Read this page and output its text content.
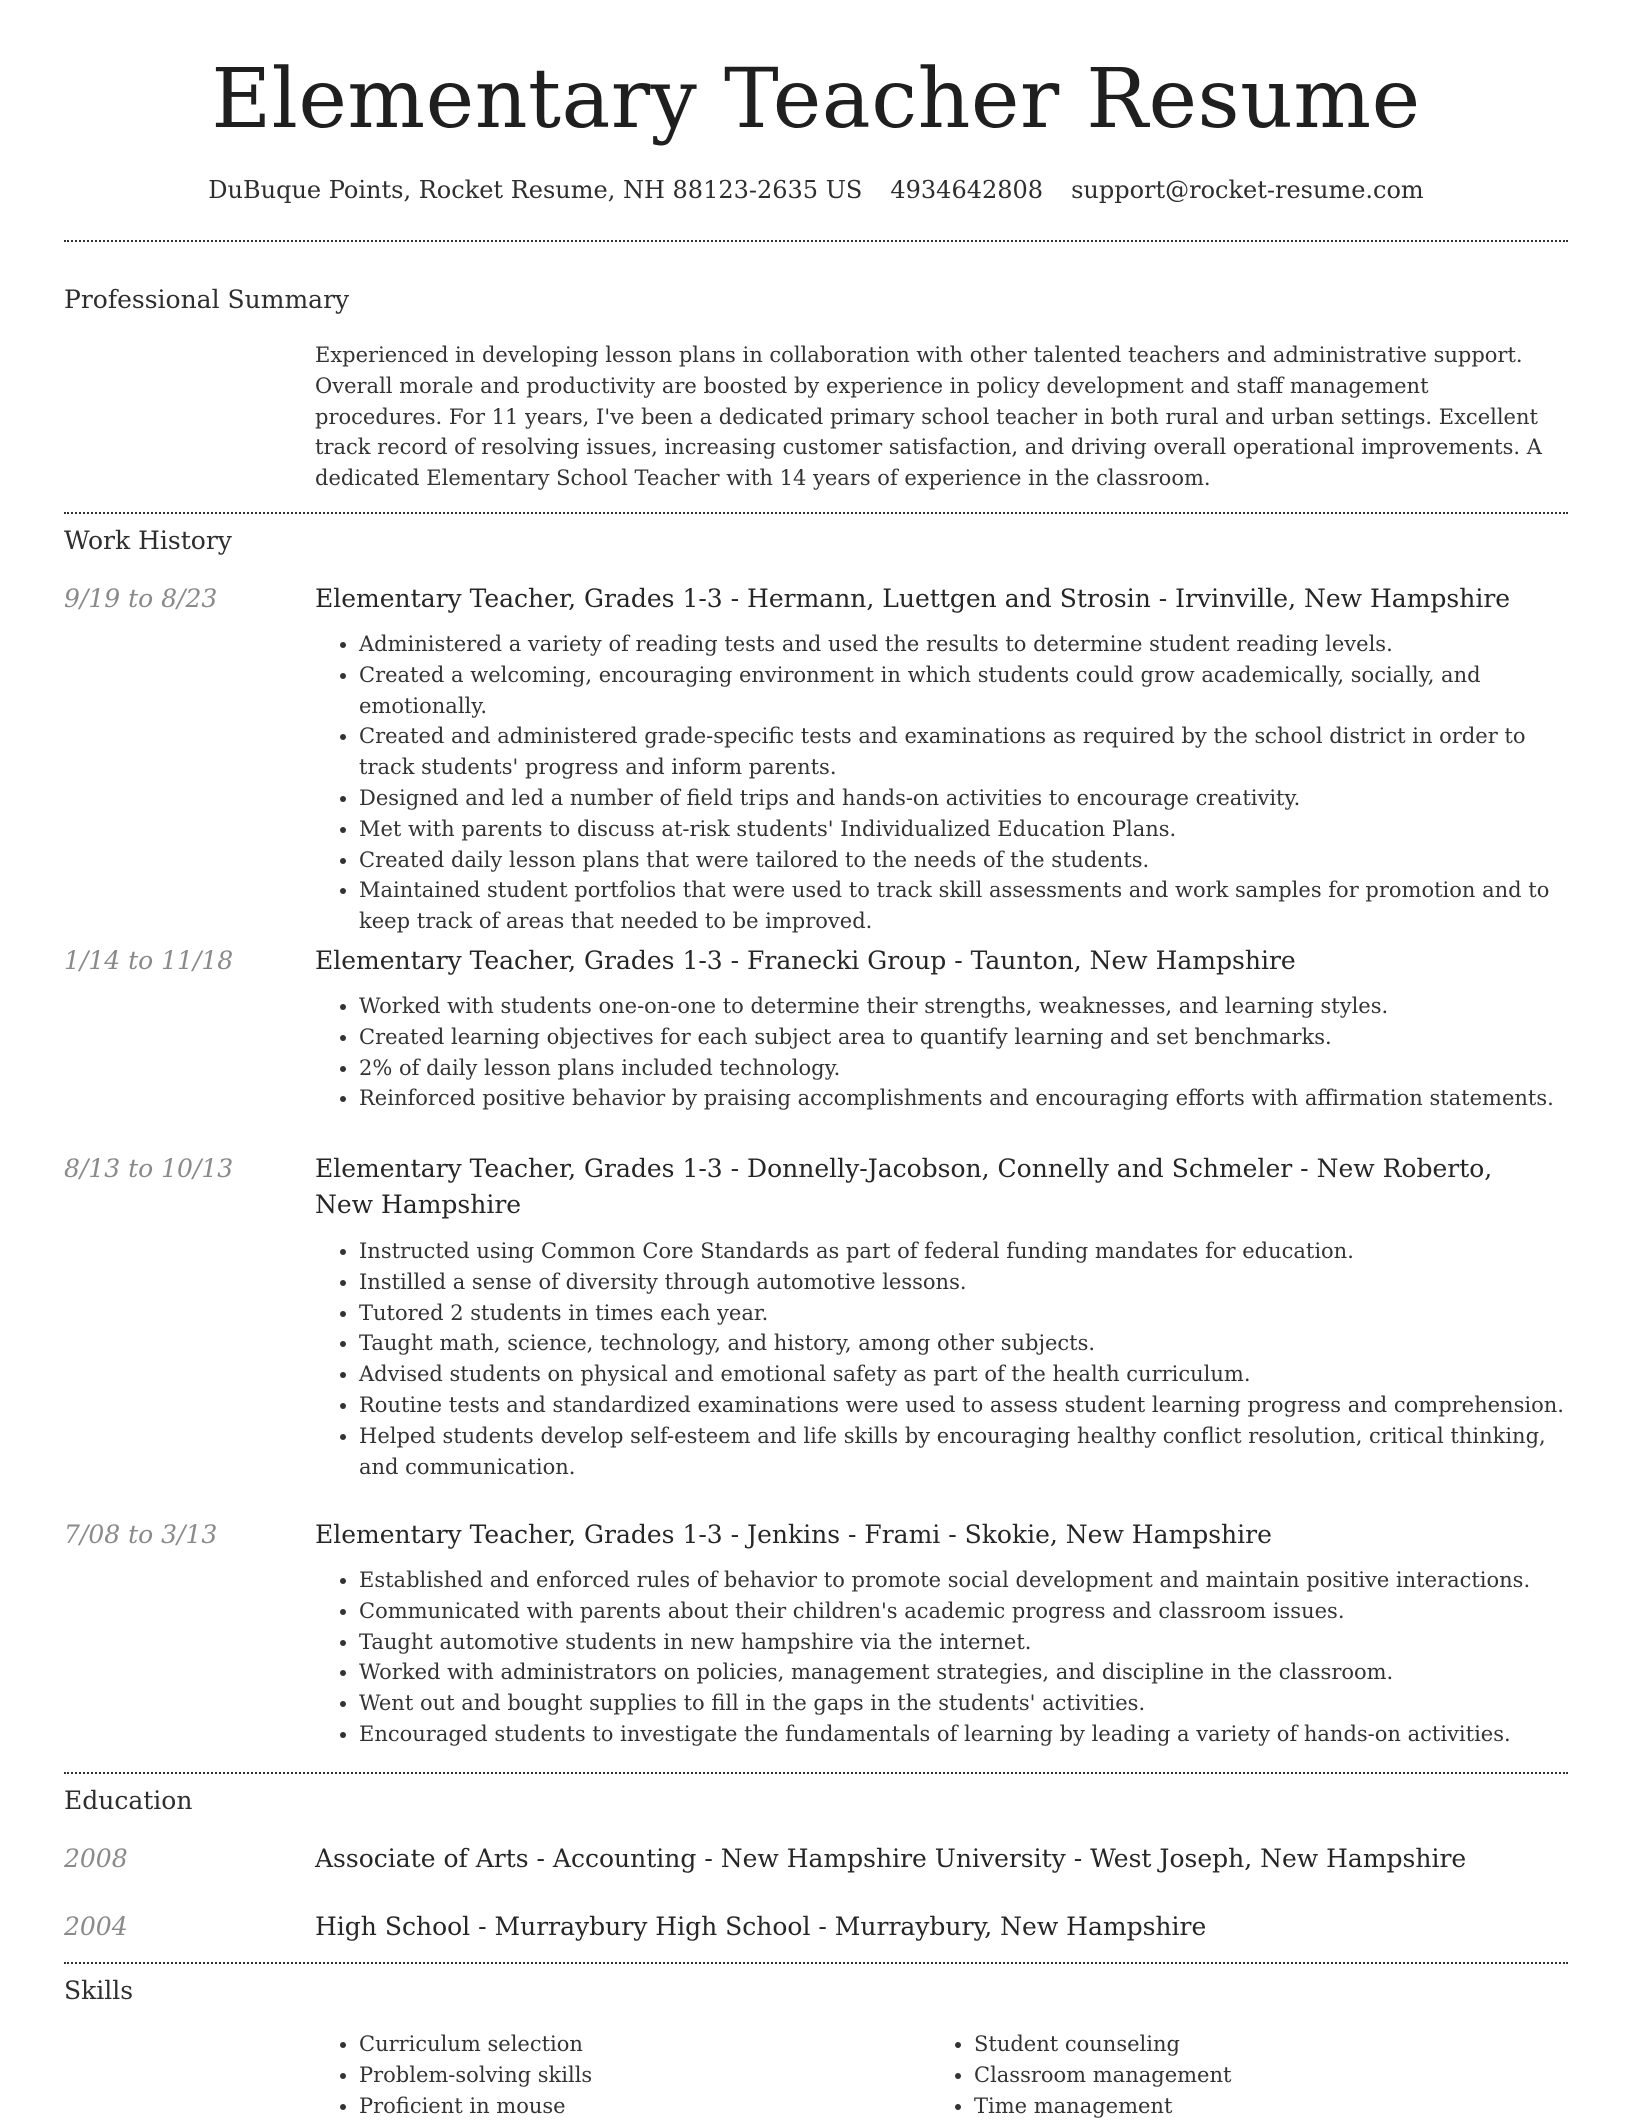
Elementary Teacher Resume
DuBuque Points, Rocket Resume, NH 88123-2635 US 4934642808 support@rocket-resume.com
Professional Summary

Experienced in developing lesson plans in collaboration with other talented teachers and administrative support. Overall morale and productivity are boosted by experience in policy development and staff management procedures. For 11 years, I've been a dedicated primary school teacher in both rural and urban settings. Excellent track record of resolving issues, increasing customer satisfaction, and driving overall operational improvements. A dedicated Elementary School Teacher with 14 years of experience in the classroom.

Work History
9/19 to 8/23	Elementary Teacher, Grades 1-3 - Hermann, Luettgen and Strosin - Irvinville, New Hampshire
• Administered a variety of reading tests and used the results to determine student reading levels.
• Created a welcoming, encouraging environment in which students could grow academically, socially, and emotionally.
• Created and administered grade-specific tests and examinations as required by the school district in order to track students' progress and inform parents.
• Designed and led a number of field trips and hands-on activities to encourage creativity.
• Met with parents to discuss at-risk students' Individualized Education Plans.
• Created daily lesson plans that were tailored to the needs of the students.
• Maintained student portfolios that were used to track skill assessments and work samples for promotion and to keep track of areas that needed to be improved.
1/14 to 11/18	Elementary Teacher, Grades 1-3 - Franecki Group - Taunton, New Hampshire
• Worked with students one-on-one to determine their strengths, weaknesses, and learning styles.
• Created learning objectives for each subject area to quantify learning and set benchmarks.
• 2% of daily lesson plans included technology.
• Reinforced positive behavior by praising accomplishments and encouraging efforts with affirmation statements.
8/13 to 10/13	Elementary Teacher, Grades 1-3 - Donnelly-Jacobson, Connelly and Schmeler - New Roberto, New Hampshire
• Instructed using Common Core Standards as part of federal funding mandates for education.
• Instilled a sense of diversity through automotive lessons.
• Tutored 2 students in times each year.
• Taught math, science, technology, and history, among other subjects.
• Advised students on physical and emotional safety as part of the health curriculum.
• Routine tests and standardized examinations were used to assess student learning progress and comprehension.
• Helped students develop self-esteem and life skills by encouraging healthy conflict resolution, critical thinking, and communication.
7/08 to 3/13	Elementary Teacher, Grades 1-3 - Jenkins - Frami - Skokie, New Hampshire
• Established and enforced rules of behavior to promote social development and maintain positive interactions.
• Communicated with parents about their children's academic progress and classroom issues.
• Taught automotive students in new hampshire via the internet.
• Worked with administrators on policies, management strategies, and discipline in the classroom.
• Went out and bought supplies to fill in the gaps in the students' activities.
• Encouraged students to investigate the fundamentals of learning by leading a variety of hands-on activities.
Education
2008	Associate of Arts - Accounting - New Hampshire University - West Joseph, New Hampshire
2004	High School - Murraybury High School - Murraybury, New Hampshire
Skills
• Curriculum selection
• Problem-solving skills
• Proficient in mouse
• Student counseling
• Classroom management
• Time management
